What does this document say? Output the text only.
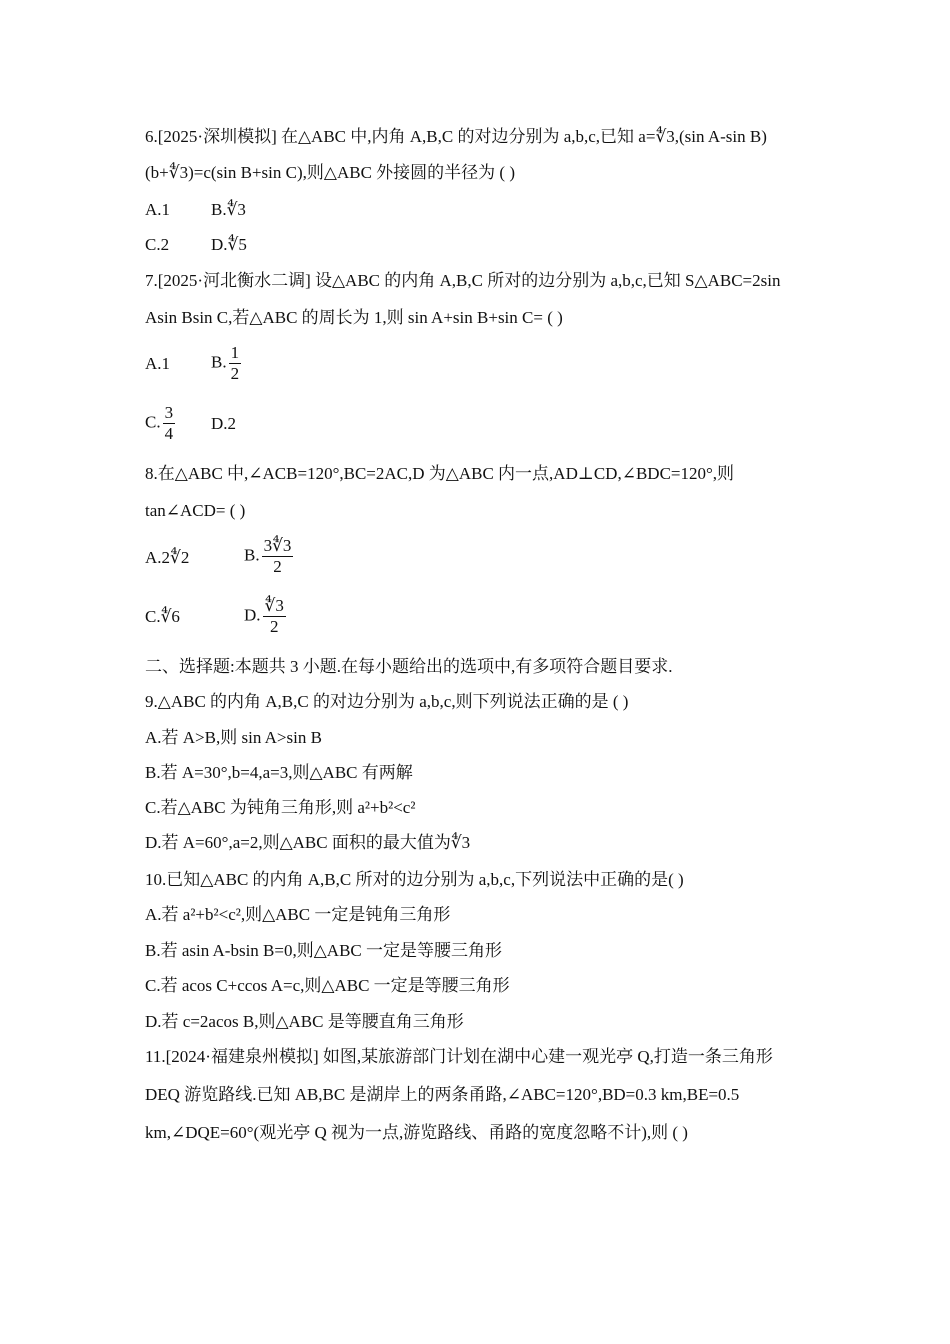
6.[2025·深圳模拟] 在△ABC 中,内角 A,B,C 的对边分别为 a,b,c,已知 a=∜3,(sin A-sin B)
(b+∜3)=c(sin B+sin C),则△ABC 外接圆的半径为 ( )
A.1 B.∜3
C.2 D.∜5
7.[2025·河北衡水二调] 设△ABC 的内角 A,B,C 所对的边分别为 a,b,c,已知 S△ABC=2sin
Asin Bsin C,若△ABC 的周长为 1,则 sin A+sin B+sin C= ( )
A.1 B. $\frac{1}{2}$
C. $\frac{3}{4} D.2$
8.在△ABC 中,∠ACB=120°,BC=2AC,D 为△ABC 内一点,AD⊥CD,∠BDC=120°,则
tan∠ACD= ( )
A.2∜2	B. $\frac{3∜3}{2}$
C.∜6	D. $\frac{∜3}{2}$
二、选择题:本题共 3 小题.在每小题给出的选项中,有多项符合题目要求.
9.△ABC 的内角 A,B,C 的对边分别为 a,b,c,则下列说法正确的是 ( )
A.若 A>B,则 sin A>sin B
B.若 A=30°,b=4,a=3,则△ABC 有两解
C.若△ABC 为钝角三角形,则 a²+b²<c²
D.若 A=60°,a=2,则△ABC 面积的最大值为∜3
10.已知△ABC 的内角 A,B,C 所对的边分别为 a,b,c,下列说法中正确的是( )
A.若 a²+b²<c²,则△ABC 一定是钝角三角形
B.若 asin A-bsin B=0,则△ABC 一定是等腰三角形
C.若 acos C+ccos A=c,则△ABC 一定是等腰三角形
D.若 c=2acos B,则△ABC 是等腰直角三角形
11.[2024·福建泉州模拟] 如图,某旅游部门计划在湖中心建一观光亭 Q,打造一条三角形
DEQ 游览路线.已知 AB,BC 是湖岸上的两条甬路,∠ABC=120°,BD=0.3 km,BE=0.5
km,∠DQE=60°(观光亭 Q 视为一点,游览路线、甬路的宽度忽略不计),则 ( )
